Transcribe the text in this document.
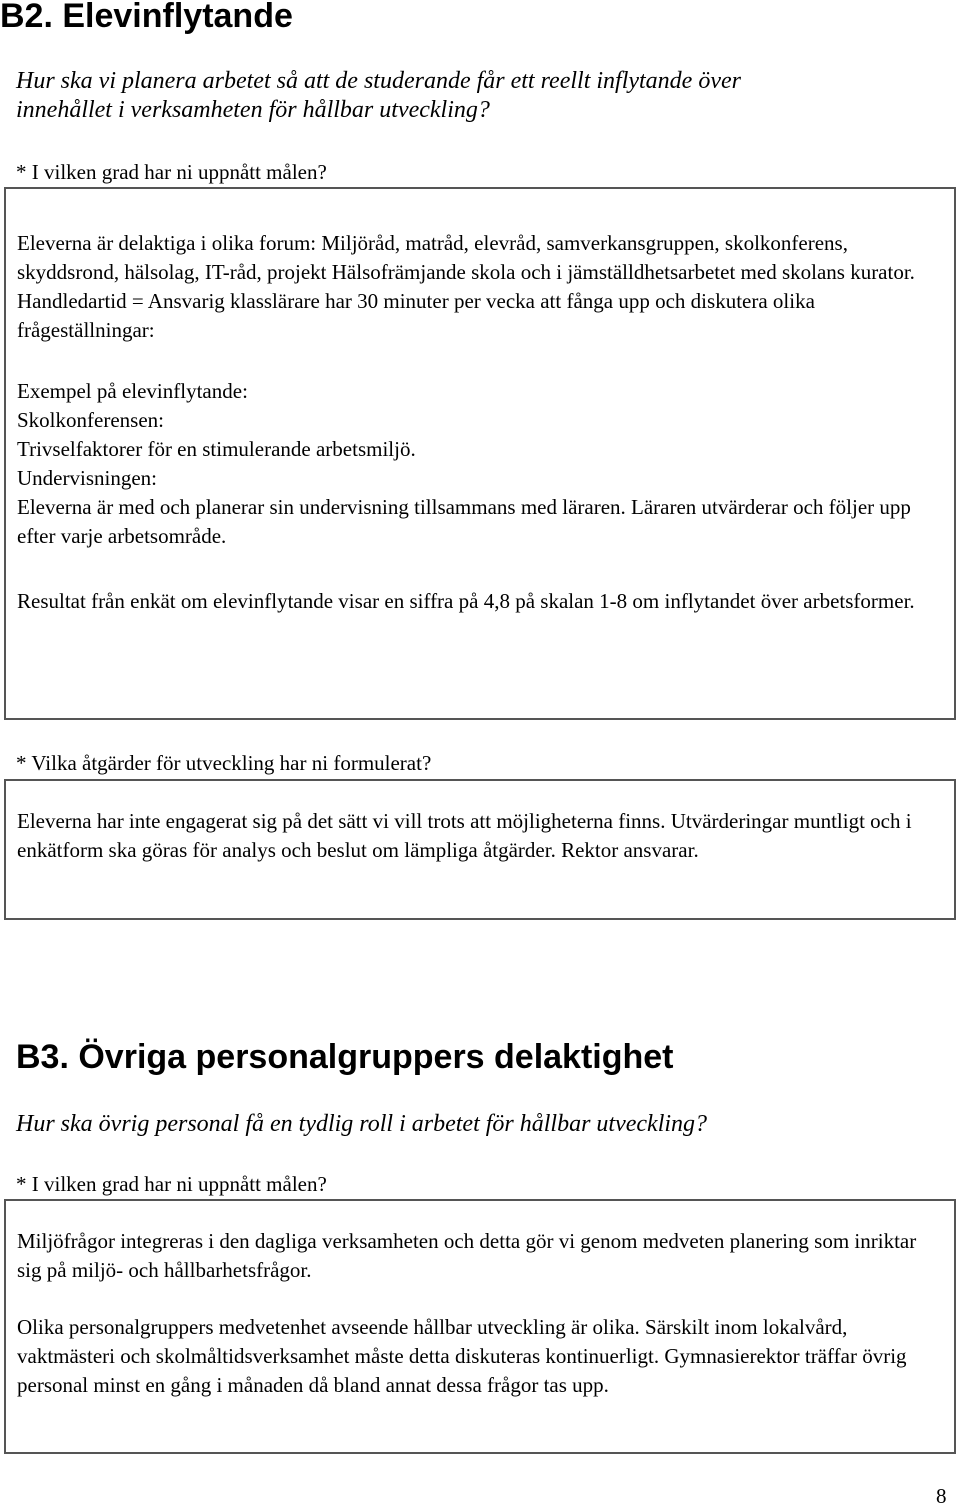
B2. Elevinflytande
Hur ska vi planera arbetet så att de studerande får ett reellt inflytande över
innehållet i verksamheten för hållbar utveckling?
* I vilken grad har ni uppnått målen?

Eleverna är delaktiga i olika forum: Miljöråd, matråd, elevråd, samverkansgruppen, skolkonferens, skyddsrond, hälsolag, IT-råd, projekt Hälsofrämjande skola och i jämställdhetsarbetet med skolans kurator.

Handledartid = Ansvarig klasslärare har 30 minuter per vecka att fånga upp och diskutera olika frågeställningar:

Exempel på elevinflytande:

Skolkonferensen:

Trivselfaktorer för en stimulerande arbetsmiljö.

Undervisningen:

Eleverna är med och planerar sin undervisning tillsammans med läraren. Läraren utvärderar och följer upp efter varje arbetsområde.

Resultat från enkät om elevinflytande visar en siffra på 4,8 på skalan 1-8 om inflytandet över arbetsformer.

* Vilka åtgärder för utveckling har ni formulerat?

Eleverna har inte engagerat sig på det sätt vi vill trots att möjligheterna finns. Utvärderingar muntligt och i enkätform ska göras för analys och beslut om lämpliga åtgärder. Rektor ansvarar.

B3. Övriga personalgruppers delaktighet
Hur ska övrig personal få en tydlig roll i arbetet för hållbar utveckling?
* I vilken grad har ni uppnått målen?

Miljöfrågor integreras i den dagliga verksamheten och detta gör vi genom medveten planering som inriktar sig på miljö- och hållbarhetsfrågor.

Olika personalgruppers medvetenhet avseende hållbar utveckling är olika. Särskilt inom lokalvård, vaktmästeri och skolmåltidsverksamhet måste detta diskuteras kontinuerligt. Gymnasierektor träffar övrig personal minst en gång i månaden då bland annat dessa frågor tas upp.

8
